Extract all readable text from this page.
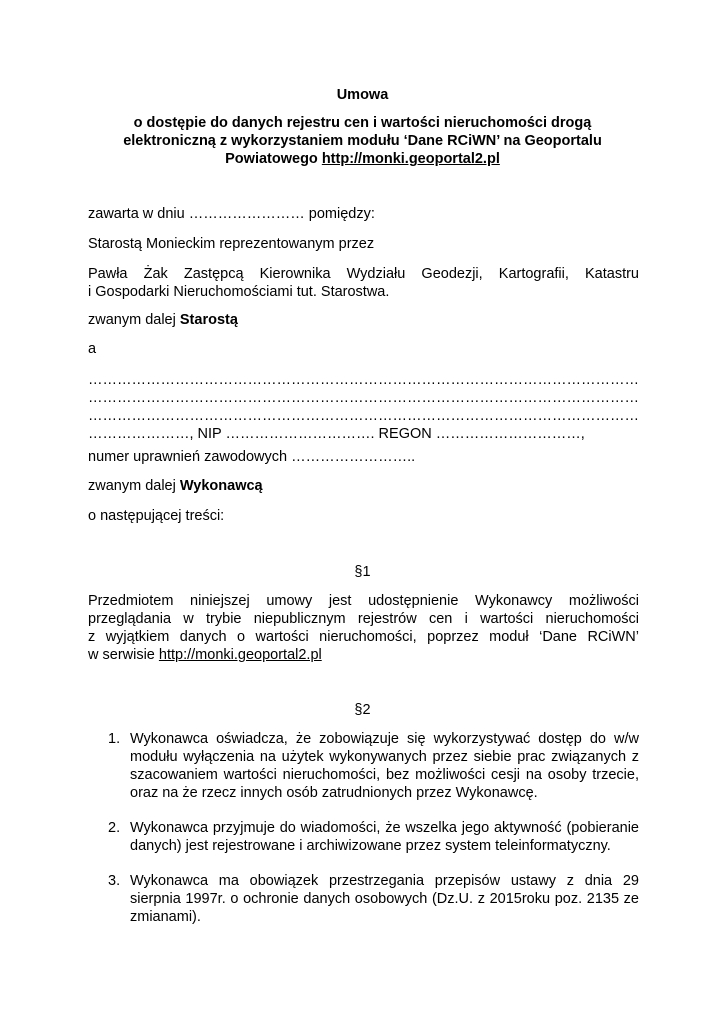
Umowa
o dostępie do danych rejestru cen i wartości nieruchomości drogą
elektroniczną z wykorzystaniem modułu ‘Dane RCiWN’ na Geoportalu
Powiatowego http://monki.geoportal2.pl

zawarta w dniu …………………… pomiędzy:

Starostą Monieckim reprezentowanym przez

Pawła Żak Zastępcą Kierownika Wydziału Geodezji, Kartografii, Katastru
i Gospodarki Nieruchomościami tut. Starostwa.

zwanym dalej Starostą

a

……………………………………………………………………………………………………
……………………………………………………………………………………………………
……………………………………………………………………………………………………
…………………, NIP …………………………. REGON …………………………,

numer uprawnień zawodowych ……………………..

zwanym dalej Wykonawcą

o następującej treści:

§1
Przedmiotem niniejszej umowy jest udostępnienie Wykonawcy możliwości
przeglądania w trybie niepublicznym rejestrów cen i wartości nieruchomości
z wyjątkiem danych o wartości nieruchomości, poprzez moduł ‘Dane RCiWN’
w serwisie http://monki.geoportal2.pl
§2
1. Wykonawca oświadcza, że zobowiązuje się wykorzystywać dostęp do w/w modułu wyłączenia na użytek wykonywanych przez siebie prac związanych z szacowaniem wartości nieruchomości, bez możliwości cesji na osoby trzecie, oraz na że rzecz innych osób zatrudnionych przez Wykonawcę.
2. Wykonawca przyjmuje do wiadomości, że wszelka jego aktywność (pobieranie danych) jest rejestrowane i archiwizowane przez system teleinformatyczny.
3. Wykonawca ma obowiązek przestrzegania przepisów ustawy z dnia 29 sierpnia 1997r. o ochronie danych osobowych (Dz.U. z 2015roku poz. 2135 ze zmianami).
